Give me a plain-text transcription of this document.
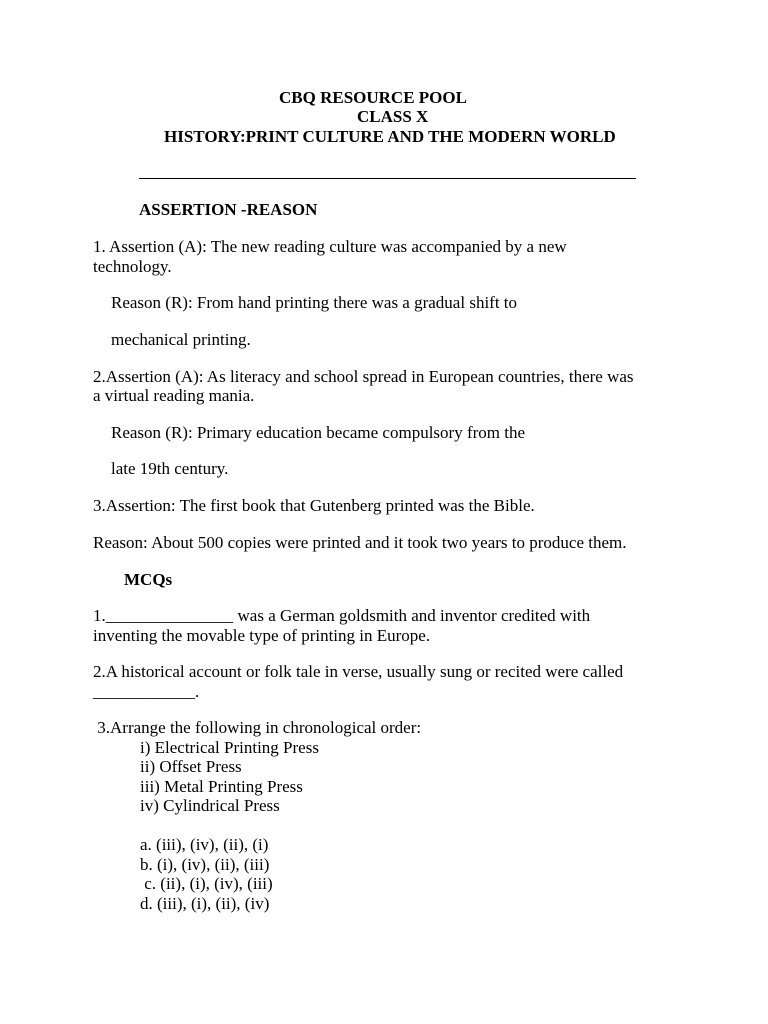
CBQ RESOURCE POOL
CLASS X
HISTORY:PRINT CULTURE AND THE MODERN WORLD
ASSERTION -REASON
1. Assertion (A): The new reading culture was accompanied by a new
technology.
Reason (R): From hand printing there was a gradual shift to
mechanical printing.
2.Assertion (A): As literacy and school spread in European countries, there was
a virtual reading mania.
Reason (R): Primary education became compulsory from the
late 19th century.
3.Assertion: The first book that Gutenberg printed was the Bible.
Reason: About 500 copies were printed and it took two years to produce them.
MCQs
1._______________ was a German goldsmith and inventor credited with
inventing the movable type of printing in Europe.
2.A historical account or folk tale in verse, usually sung or recited were called
____________.
3.Arrange the following in chronological order:
i) Electrical Printing Press
ii) Offset Press
iii) Metal Printing Press
iv) Cylindrical Press
a. (iii), (iv), (ii), (i)
b. (i), (iv), (ii), (iii)
c. (ii), (i), (iv), (iii)
d. (iii), (i), (ii), (iv)
